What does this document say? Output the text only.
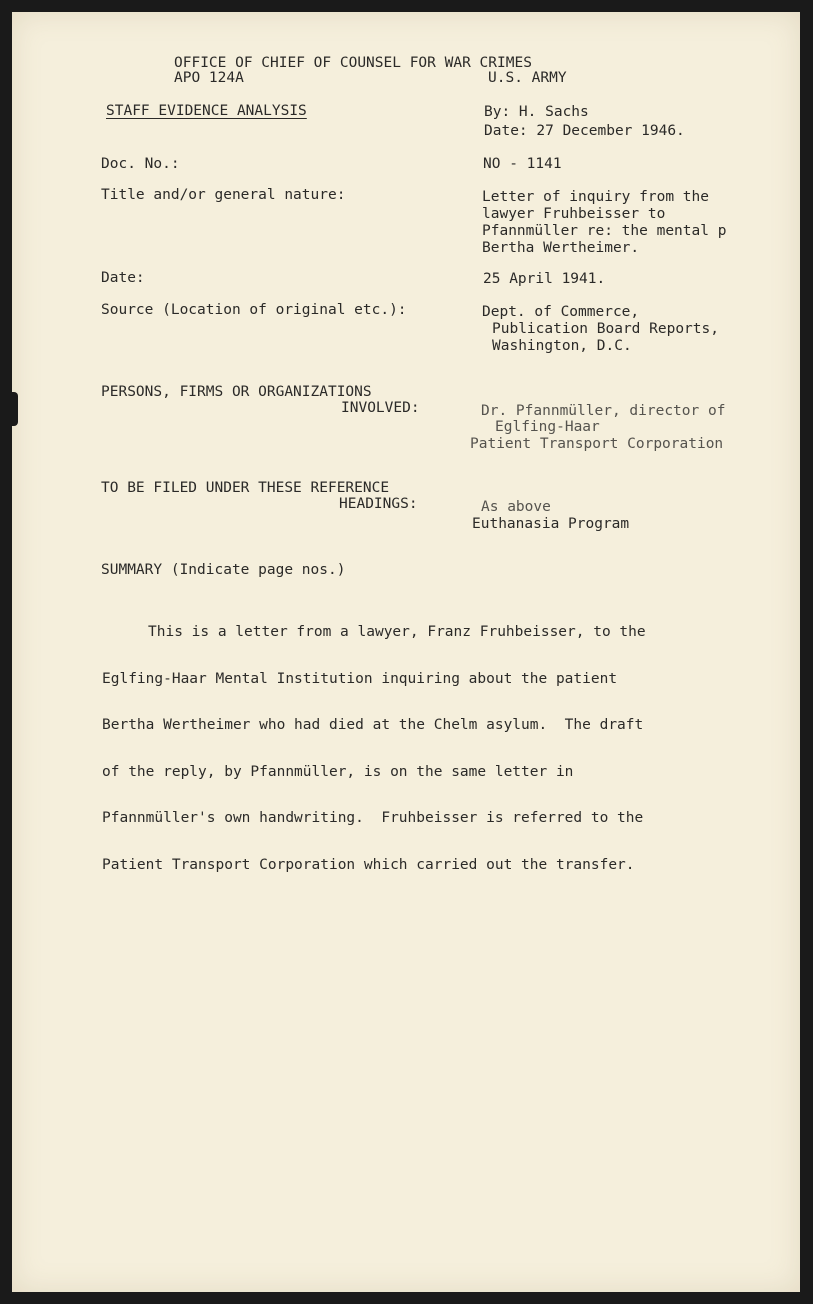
OFFICE OF CHIEF OF COUNSEL FOR WAR CRIMES
APO 124A	U.S. ARMY
STAFF EVIDENCE ANALYSIS	By: H. Sachs
Date: 27 December 1946.
Doc. No.:	NO - 1141
Title and/or general nature:	Letter of inquiry from the
lawyer Fruhbeisser to
Pfannmüller re: the mental p
Bertha Wertheimer.
Date:	25 April 1941.
Source (Location of original etc.):	Dept. of Commerce,
Publication Board Reports,
Washington, D.C.
PERSONS, FIRMS OR ORGANIZATIONS
INVOLVED:	Dr. Pfannmüller, director of
Eglfing-Haar
Patient Transport Corporation
TO BE FILED UNDER THESE REFERENCE
HEADINGS:	As above
Euthanasia Program
SUMMARY (Indicate page nos.)

This is a letter from a lawyer, Franz Fruhbeisser, to the

Eglfing-Haar Mental Institution inquiring about the patient

Bertha Wertheimer who had died at the Chelm asylum.  The draft

of the reply, by Pfannmüller, is on the same letter in

Pfannmüller's own handwriting.  Fruhbeisser is referred to the

Patient Transport Corporation which carried out the transfer.
